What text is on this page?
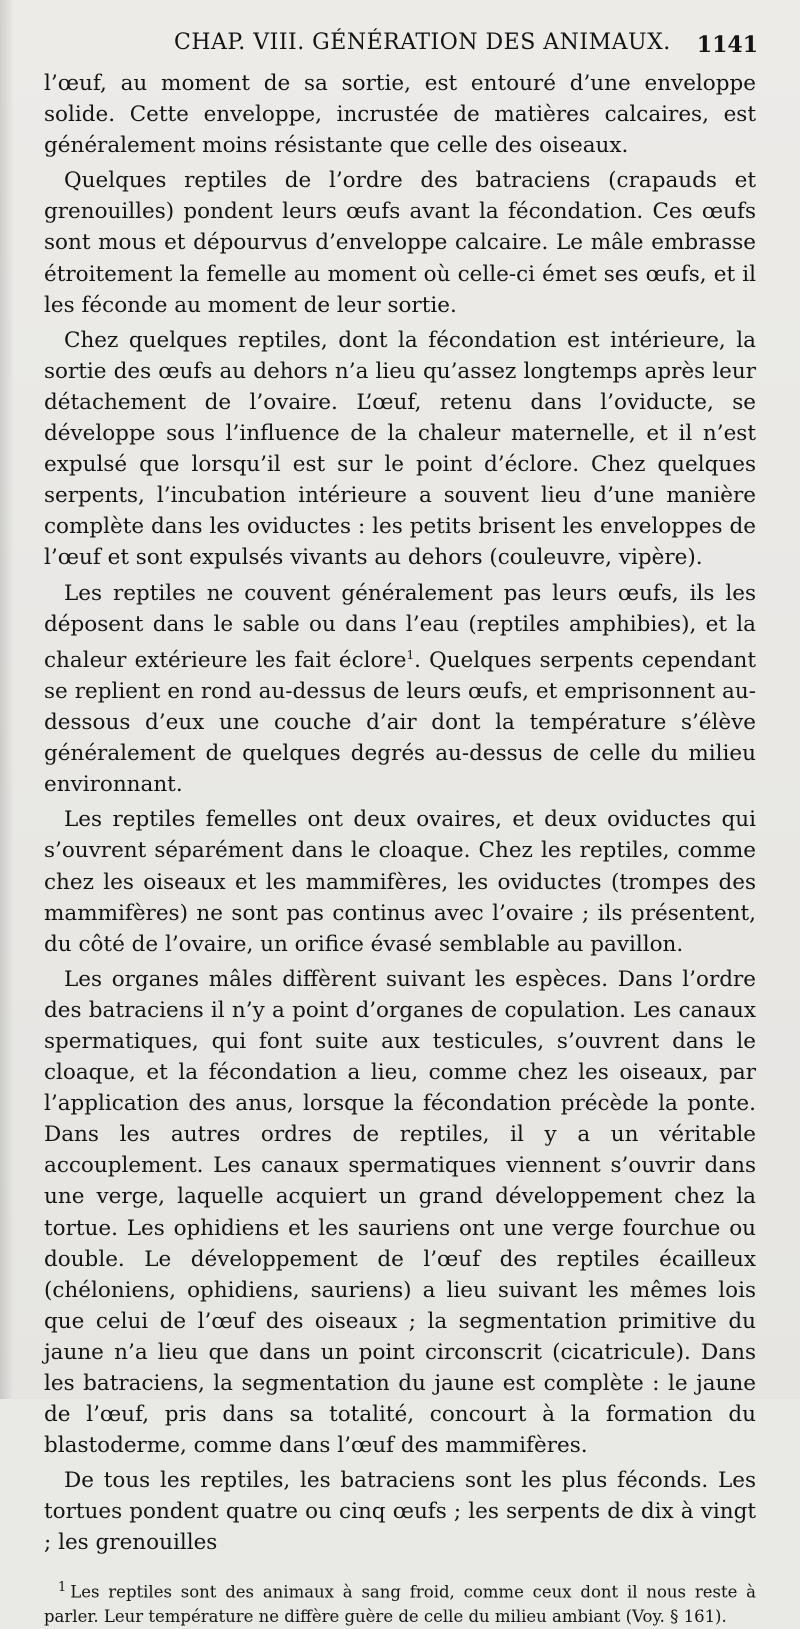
CHAP. VIII. GÉNÉRATION DES ANIMAUX. 1141

l’œuf, au moment de sa sortie, est entouré d’une enveloppe solide. Cette enveloppe, incrustée de matières calcaires, est généralement moins résistante que celle des oiseaux.

Quelques reptiles de l’ordre des batraciens (crapauds et grenouilles) pondent leurs œufs avant la fécondation. Ces œufs sont mous et dépourvus d’enveloppe calcaire. Le mâle embrasse étroitement la femelle au moment où celle-ci émet ses œufs, et il les féconde au moment de leur sortie.

Chez quelques reptiles, dont la fécondation est intérieure, la sortie des œufs au dehors n’a lieu qu’assez longtemps après leur détachement de l’ovaire. L’œuf, retenu dans l’oviducte, se développe sous l’influence de la chaleur maternelle, et il n’est expulsé que lorsqu’il est sur le point d’éclore. Chez quelques serpents, l’incubation intérieure a souvent lieu d’une manière complète dans les oviductes : les petits brisent les enveloppes de l’œuf et sont expulsés vivants au dehors (couleuvre, vipère).

Les reptiles ne couvent généralement pas leurs œufs, ils les déposent dans le sable ou dans l’eau (reptiles amphibies), et la chaleur extérieure les fait éclore$^1$. Quelques serpents cependant se replient en rond au-dessus de leurs œufs, et emprisonnent au-dessous d’eux une couche d’air dont la température s’élève généralement de quelques degrés au-dessus de celle du milieu environnant.

Les reptiles femelles ont deux ovaires, et deux oviductes qui s’ouvrent séparément dans le cloaque. Chez les reptiles, comme chez les oiseaux et les mammifères, les oviductes (trompes des mammifères) ne sont pas continus avec l’ovaire ; ils présentent, du côté de l’ovaire, un orifice évasé semblable au pavillon.

Les organes mâles diffèrent suivant les espèces. Dans l’ordre des batraciens il n’y a point d’organes de copulation. Les canaux spermatiques, qui font suite aux testicules, s’ouvrent dans le cloaque, et la fécondation a lieu, comme chez les oiseaux, par l’application des anus, lorsque la fécondation précède la ponte. Dans les autres ordres de reptiles, il y a un véritable accouplement. Les canaux spermatiques viennent s’ouvrir dans une verge, laquelle acquiert un grand développement chez la tortue. Les ophidiens et les sauriens ont une verge fourchue ou double. Le développement de l’œuf des reptiles écailleux (chéloniens, ophidiens, sauriens) a lieu suivant les mêmes lois que celui de l’œuf des oiseaux ; la segmentation primitive du jaune n’a lieu que dans un point circonscrit (cicatricule). Dans les batraciens, la segmentation du jaune est complète : le jaune de l’œuf, pris dans sa totalité, concourt à la formation du blastoderme, comme dans l’œuf des mammifères.

De tous les reptiles, les batraciens sont les plus féconds. Les tortues pondent quatre ou cinq œufs ; les serpents de dix à vingt ; les grenouilles

$^1$ Les reptiles sont des animaux à sang froid, comme ceux dont il nous reste à parler. Leur température ne diffère guère de celle du milieu ambiant (Voy. § 161).
